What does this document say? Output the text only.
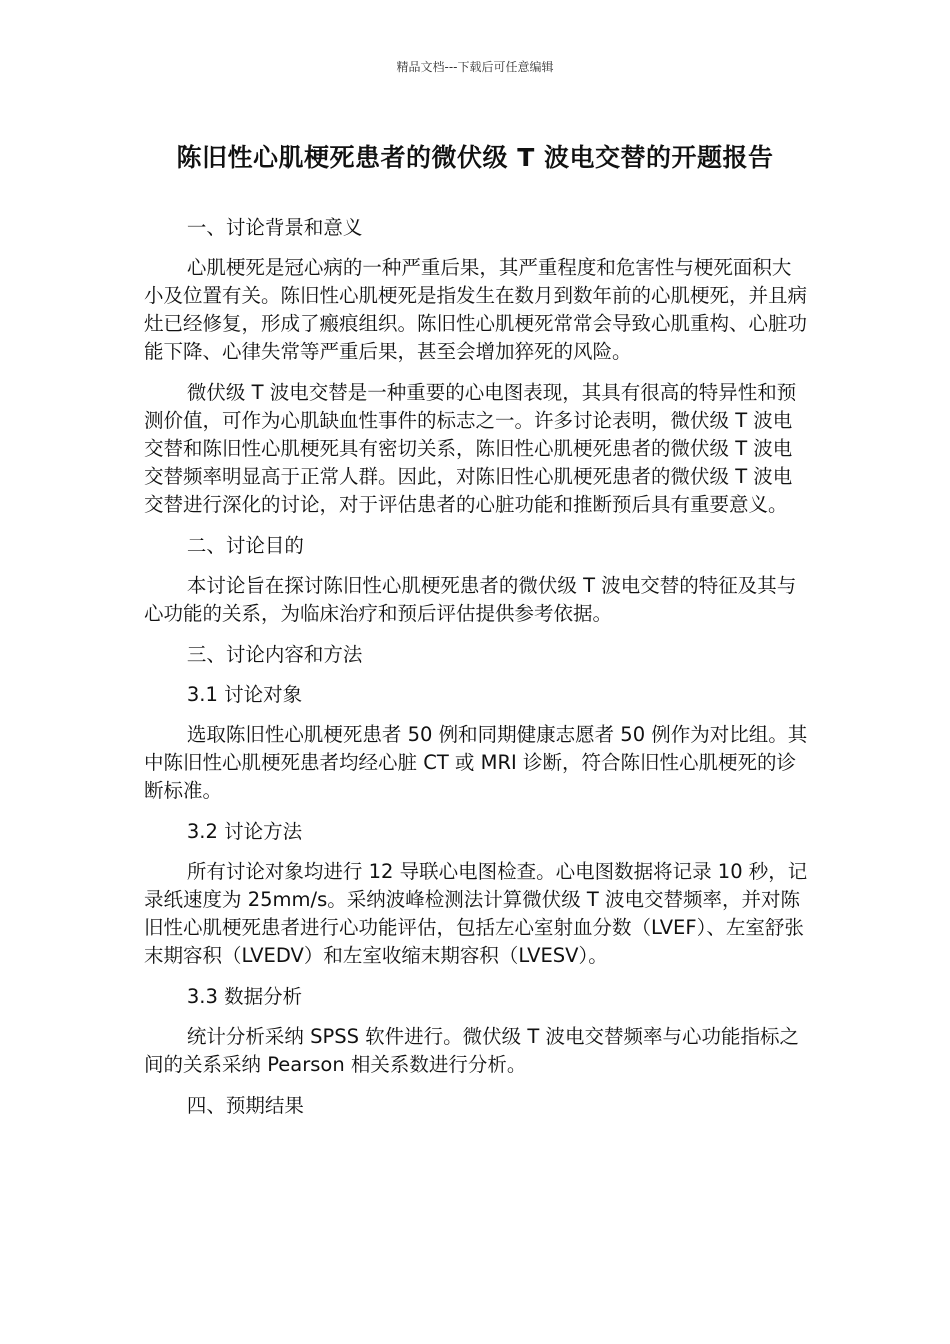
精品文档---下载后可任意编辑
陈旧性心肌梗死患者的微伏级 T 波电交替的开题报告

一、讨论背景和意义

心肌梗死是冠心病的一种严重后果，其严重程度和危害性与梗死面积大小及位置有关。陈旧性心肌梗死是指发生在数月到数年前的心肌梗死，并且病灶已经修复，形成了瘢痕组织。陈旧性心肌梗死常常会导致心肌重构、心脏功能下降、心律失常等严重后果，甚至会增加猝死的风险。

微伏级 T 波电交替是一种重要的心电图表现，其具有很高的特异性和预测价值，可作为心肌缺血性事件的标志之一。许多讨论表明，微伏级 T 波电交替和陈旧性心肌梗死具有密切关系，陈旧性心肌梗死患者的微伏级 T 波电交替频率明显高于正常人群。因此，对陈旧性心肌梗死患者的微伏级 T 波电交替进行深化的讨论，对于评估患者的心脏功能和推断预后具有重要意义。

二、讨论目的

本讨论旨在探讨陈旧性心肌梗死患者的微伏级 T 波电交替的特征及其与心功能的关系，为临床治疗和预后评估提供参考依据。

三、讨论内容和方法

3.1 讨论对象

选取陈旧性心肌梗死患者 50 例和同期健康志愿者 50 例作为对比组。其中陈旧性心肌梗死患者均经心脏 CT 或 MRI 诊断，符合陈旧性心肌梗死的诊断标准。

3.2 讨论方法

所有讨论对象均进行 12 导联心电图检查。心电图数据将记录 10 秒，记录纸速度为 25mm/s。采纳波峰检测法计算微伏级 T 波电交替频率，并对陈旧性心肌梗死患者进行心功能评估，包括左心室射血分数（LVEF）、左室舒张末期容积（LVEDV）和左室收缩末期容积（LVESV）。

3.3 数据分析

统计分析采纳 SPSS 软件进行。微伏级 T 波电交替频率与心功能指标之间的关系采纳 Pearson 相关系数进行分析。

四、预期结果
